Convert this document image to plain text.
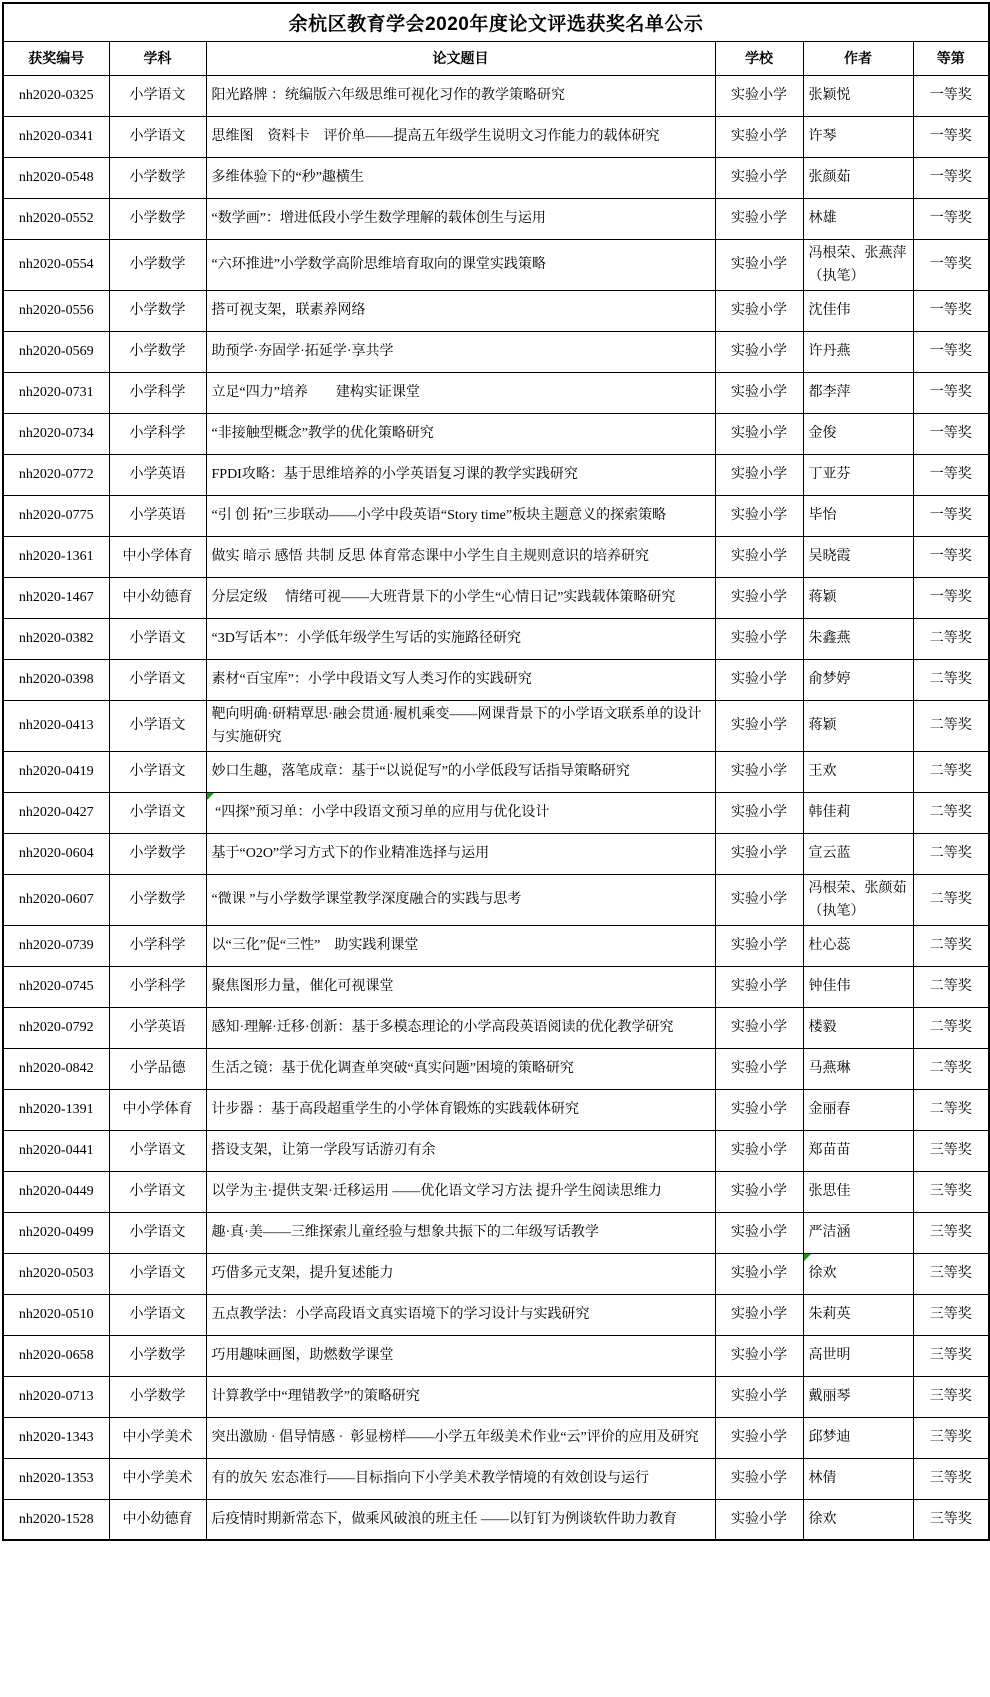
余杭区教育学会2020年度论文评选获奖名单公示					
获奖编号	学科	论文题目	学校	作者	等第
nh2020-0325	小学语文	阳光路牌 ：统编版六年级思维可视化习作的教学策略研究	实验小学	张颖悦	一等奖
nh2020-0341	小学语文	思维图　资料卡　评价单——提高五年级学生说明文习作能力的载体研究	实验小学	许琴	一等奖
nh2020-0548	小学数学	多维体验下的“秒”趣横生	实验小学	张颜茹	一等奖
nh2020-0552	小学数学	“数学画”：增进低段小学生数学理解的载体创生与运用	实验小学	林雄	一等奖
nh2020-0554	小学数学	“六环推进”小学数学高阶思维培育取向的课堂实践策略	实验小学	冯根荣、张燕萍（执笔）	一等奖
nh2020-0556	小学数学	搭可视支架，联素养网络	实验小学	沈佳伟	一等奖
nh2020-0569	小学数学	助预学·夯固学·拓延学·享共学	实验小学	许丹燕	一等奖
nh2020-0731	小学科学	立足“四力”培养　　建构实证课堂	实验小学	都李萍	一等奖
nh2020-0734	小学科学	“非接触型概念”教学的优化策略研究	实验小学	金俊	一等奖
nh2020-0772	小学英语	FPDI攻略：基于思维培养的小学英语复习课的教学实践研究	实验小学	丁亚芬	一等奖
nh2020-0775	小学英语	“引 创 拓”三步联动——小学中段英语“Story time”板块主题意义的探索策略	实验小学	毕怡	一等奖
nh2020-1361	中小学体育	做实 暗示 感悟 共制 反思 体育常态课中小学生自主规则意识的培养研究	实验小学	吴晓霞	一等奖
nh2020-1467	中小幼德育	分层定级　 情绪可视——大班背景下的小学生“心情日记”实践载体策略研究	实验小学	蒋颖	一等奖
nh2020-0382	小学语文	“3D写话本”：小学低年级学生写话的实施路径研究	实验小学	朱鑫燕	二等奖
nh2020-0398	小学语文	素材“百宝库”：小学中段语文写人类习作的实践研究	实验小学	俞梦婷	二等奖
nh2020-0413	小学语文	靶向明确·研精覃思·融会贯通·履机乘变——网课背景下的小学语文联系单的设计与实施研究	实验小学	蒋颖	二等奖
nh2020-0419	小学语文	妙口生趣，落笔成章：基于“以说促写”的小学低段写话指导策略研究	实验小学	王欢	二等奖
nh2020-0427	小学语文	“四探”预习单：小学中段语文预习单的应用与优化设计	实验小学	韩佳莉	二等奖
nh2020-0604	小学数学	基于“O2O”学习方式下的作业精准选择与运用	实验小学	宣云蓝	二等奖
nh2020-0607	小学数学	“微课 ”与小学数学课堂教学深度融合的实践与思考	实验小学	冯根荣、张颜茹（执笔）	二等奖
nh2020-0739	小学科学	以“三化”促“三性”　助实践利课堂	实验小学	杜心蕊	二等奖
nh2020-0745	小学科学	聚焦图形力量，催化可视课堂	实验小学	钟佳伟	二等奖
nh2020-0792	小学英语	感知·理解·迁移·创新：基于多模态理论的小学高段英语阅读的优化教学研究	实验小学	楼毅	二等奖
nh2020-0842	小学品德	生活之镜：基于优化调查单突破“真实问题”困境的策略研究	实验小学	马燕琳	二等奖
nh2020-1391	中小学体育	计步器 ：基于高段超重学生的小学体育锻炼的实践载体研究	实验小学	金丽春	二等奖
nh2020-0441	小学语文	搭设支架，让第一学段写话游刃有余	实验小学	郑苗苗	三等奖
nh2020-0449	小学语文	以学为主·提供支架·迁移运用 ——优化语文学习方法 提升学生阅读思维力	实验小学	张思佳	三等奖
nh2020-0499	小学语文	趣·真·美——三维探索儿童经验与想象共振下的二年级写话教学	实验小学	严洁涵	三等奖
nh2020-0503	小学语文	巧借多元支架，提升复述能力	实验小学	徐欢	三等奖
nh2020-0510	小学语文	五点教学法：小学高段语文真实语境下的学习设计与实践研究	实验小学	朱莉英	三等奖
nh2020-0658	小学数学	巧用趣味画图，助燃数学课堂	实验小学	高世明	三等奖
nh2020-0713	小学数学	计算教学中“理错教学”的策略研究	实验小学	戴丽琴	三等奖
nh2020-1343	中小学美术	突出激励 · 倡导情感 ·  彰显榜样——小学五年级美术作业“云”评价的应用及研究	实验小学	邱梦迪	三等奖
nh2020-1353	中小学美术	有的放矢 宏态准行——目标指向下小学美术教学情境的有效创设与运行	实验小学	林倩	三等奖
nh2020-1528	中小幼德育	后疫情时期新常态下，做乘风破浪的班主任 ——以钉钉为例谈软件助力教育	实验小学	徐欢	三等奖
